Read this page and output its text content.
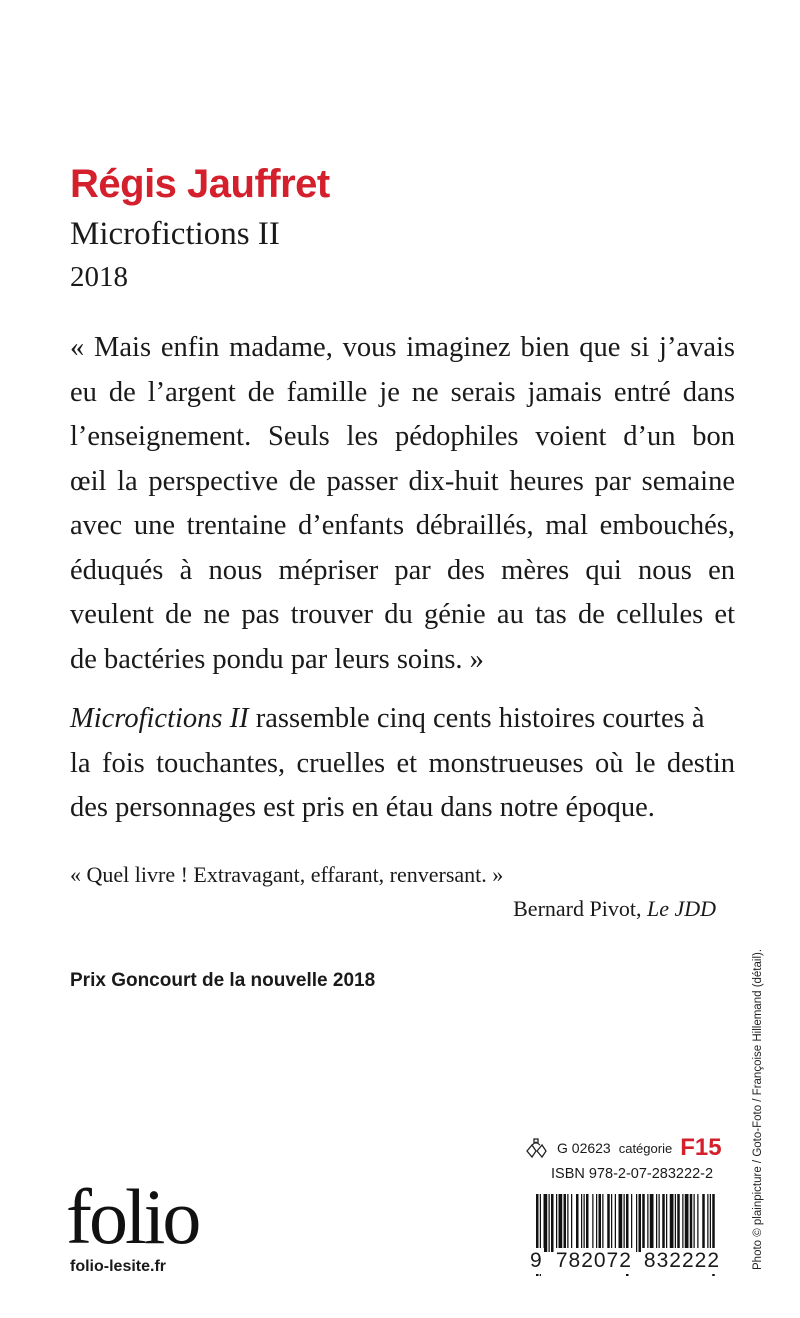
Régis Jauffret
Microfictions II
2018
« Mais enfin madame, vous imaginez bien que si j’avais
eu de l’argent de famille je ne serais jamais entré dans
l’enseignement. Seuls les pédophiles voient d’un bon
œil la perspective de passer dix-huit heures par semaine
avec une trentaine d’enfants débraillés, mal embouchés,
éduqués à nous mépriser par des mères qui nous en
veulent de ne pas trouver du génie au tas de cellules et
de bactéries pondu par leurs soins. »
Microfictions II rassemble cinq cents histoires courtes à
la fois touchantes, cruelles et monstrueuses où le destin
des personnages est pris en étau dans notre époque.
« Quel livre ! Extravagant, effarant, renversant. »
Bernard Pivot, Le JDD
Prix Goncourt de la nouvelle 2018
G 02623 catégorie F15
ISBN 978-2-07-283222-2
9 782072 832222
folio
folio-lesite.fr	Photo © plainpicture / Goto-Foto / Françoise Hillemand (détail).
